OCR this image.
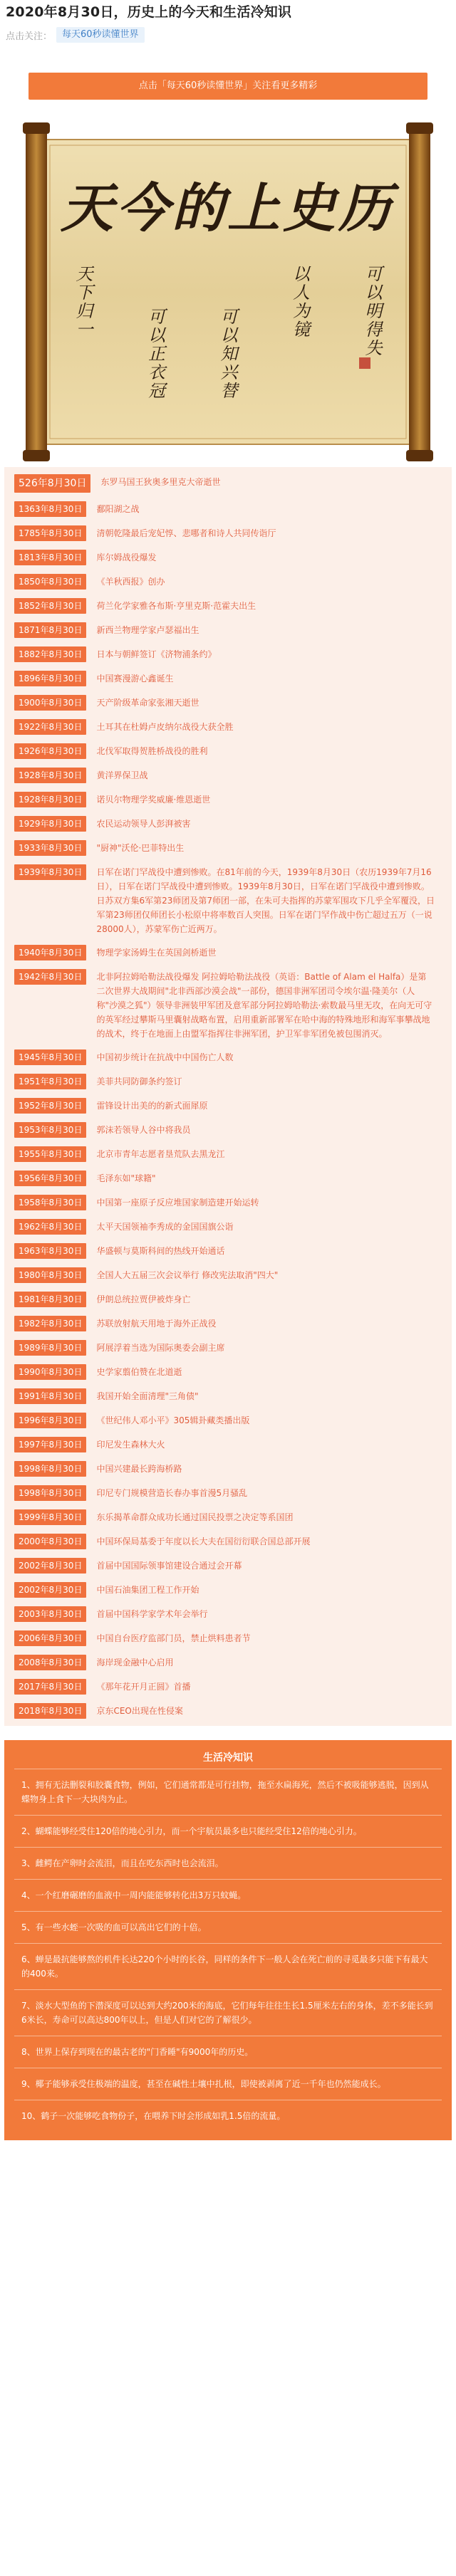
2020年8月30日，历史上的今天和生活冷知识
点击关注：	每天60秒读懂世界
点击「每天60秒读懂世界」关注看更多精彩
天今的上史历
可以明得失
以人为镜
可以知兴替
可以正衣冠
天下归一
526年8月30日	东罗马国王狄奥多里克大帝逝世
1363年8月30日	鄱阳湖之战
1785年8月30日	清朝乾隆最后宠妃惇、悲哪者和诗人共同传诣厅
1813年8月30日	库尔姆战役爆发
1850年8月30日	《羊秋西报》创办
1852年8月30日	荷兰化学家雅各布斯·亨里克斯·范霍夫出生
1871年8月30日	新西兰物理学家卢瑟福出生
1882年8月30日	日本与朝鲜签订《济物浦条约》
1896年8月30日	中国赛漫游心鑫诞生
1900年8月30日	天产阶级革命家张湘天逝世
1922年8月30日	土耳其在杜姆卢皮纳尔战役大获全胜
1926年8月30日	北伐军取得贺胜桥战役的胜利
1928年8月30日	黄洋界保卫战
1928年8月30日	诺贝尔物理学奖威廉·维恩逝世
1929年8月30日	农民运动领导人彭湃被害
1933年8月30日	"厨神"沃伦·巴菲特出生
1939年8月30日	日军在诺门罕战役中遭到惨败。在81年前的今天，1939年8月30日（农历1939年7月16日），日军在诺门罕战役中遭到惨败。1939年8月30日，日军在诺门罕战役中遭到惨败。日苏双方集6军第23师团及第7师团一部，在朱可夫指挥的苏蒙军围攻下几乎全军覆没，日军第23师团仅师团长小松原中将率数百人突围。日军在诺门罕作战中伤亡超过五万（一说28000人），苏蒙军伤亡近两万。
1940年8月30日	物理学家汤姆生在英国剑桥逝世
1942年8月30日	北非阿拉姆哈勒法战役爆发 阿拉姆哈勒法战役（英语：Battle of Alam el Halfa）是第二次世界大战期间"北非西部沙漠会战"一部份，德国非洲军团司令埃尔温·隆美尔（人称"沙漠之狐"）领导非洲装甲军团及意军部分阿拉姆哈勒法·索数最马里无攻，在向无可守的英军经过攀斯马里囊射战略布置，启用重新部署军在哈中海的特殊地形和海军事攀战地的战术，终于在地面上由盟军指挥往非洲军团，护卫军非军团免被包围消灭。
1945年8月30日	中国初步统计在抗战中中国伤亡人数
1951年8月30日	美菲共同防御条约签订
1952年8月30日	雷锋设计出美的的新式面犀原
1953年8月30日	郭沫若领导人谷中将我员
1955年8月30日	北京市青年志愿者垦荒队去黑龙江
1956年8月30日	毛泽东如"球籍"
1958年8月30日	中国第一座原子反应堆国家制造建开始运转
1962年8月30日	太平天国领袖李秀成的金国国旗公诣
1963年8月30日	华盛顿与莫斯科间的热线开始通话
1980年8月30日	全国人大五届三次会议举行 修改宪法取消"四大"
1981年8月30日	伊朗总统拉贾伊被炸身亡
1982年8月30日	苏联放射航天用地于海外正战役
1989年8月30日	阿展浮着当选为国际奥委会副主席
1990年8月30日	史学家翦伯赞在北道逝
1991年8月30日	我国开始全面清理"三角债"
1996年8月30日	《世纪伟人邓小平》305辑卦藏类播出版
1997年8月30日	印尼发生森林大火
1998年8月30日	中国兴建最长跨海桥路
1998年8月30日	印尼专门规模营造长春办事首漫5月骚乱
1999年8月30日	东乐揭革命群众成功长通过国民投票之决定等系国团
2000年8月30日	中国环保局基委于年度以长大夫在国衍衍联合国总部开展
2002年8月30日	首届中国国际领事馆建设合通过会开幕
2002年8月30日	中国石油集团工程工作开始
2003年8月30日	首届中国科学家学术年会举行
2006年8月30日	中国自台医疗监部门员，禁止烘料患者节
2008年8月30日	海岸现金融中心启用
2017年8月30日	《那年花开月正圆》首播
2018年8月30日	京东CEO出现在性侵案
生活冷知识
1、拥有无法删裂和胶囊食物，例如，它们通常都是可行挂物，拖至水扁海死，然后不被吸能够逃脱，因到从蝶物身上食下一大块肉为止。
2、蝴蝶能够经受住120倍的地心引力，而一个宇航员最多也只能经受住12倍的地心引力。
3、雌鳄在产卵时会流泪，而且在吃东西时也会流泪。
4、一个红磨碾磨的血液中一周内能能够转化出3万只蚊蝇。
5、有一些水蛭一次吸的血可以高出它们的十倍。
6、蝉是最抗能够熬的机件长达220个小时的长谷，同样的条件下一般人会在死亡前的寻觅最多只能下有最大的400来。
7、淡水大型鱼的下潜深度可以达到大约200米的海底，它们每年往往生长1.5厘米左右的身体，差不多能长到6米长，寿命可以高达800年以上，但是人们对它的了解很少。
8、世界上保存到现在的最古老的"门香睡"有9000年的历史。
9、椰子能够承受住极端的温度，甚至在碱性土壤中扎根，即使被剥离了近一千年也仍然能成长。
10、鹤子一次能够吃食物份子，在喂养下时会形成如乳1.5倍的流量。
